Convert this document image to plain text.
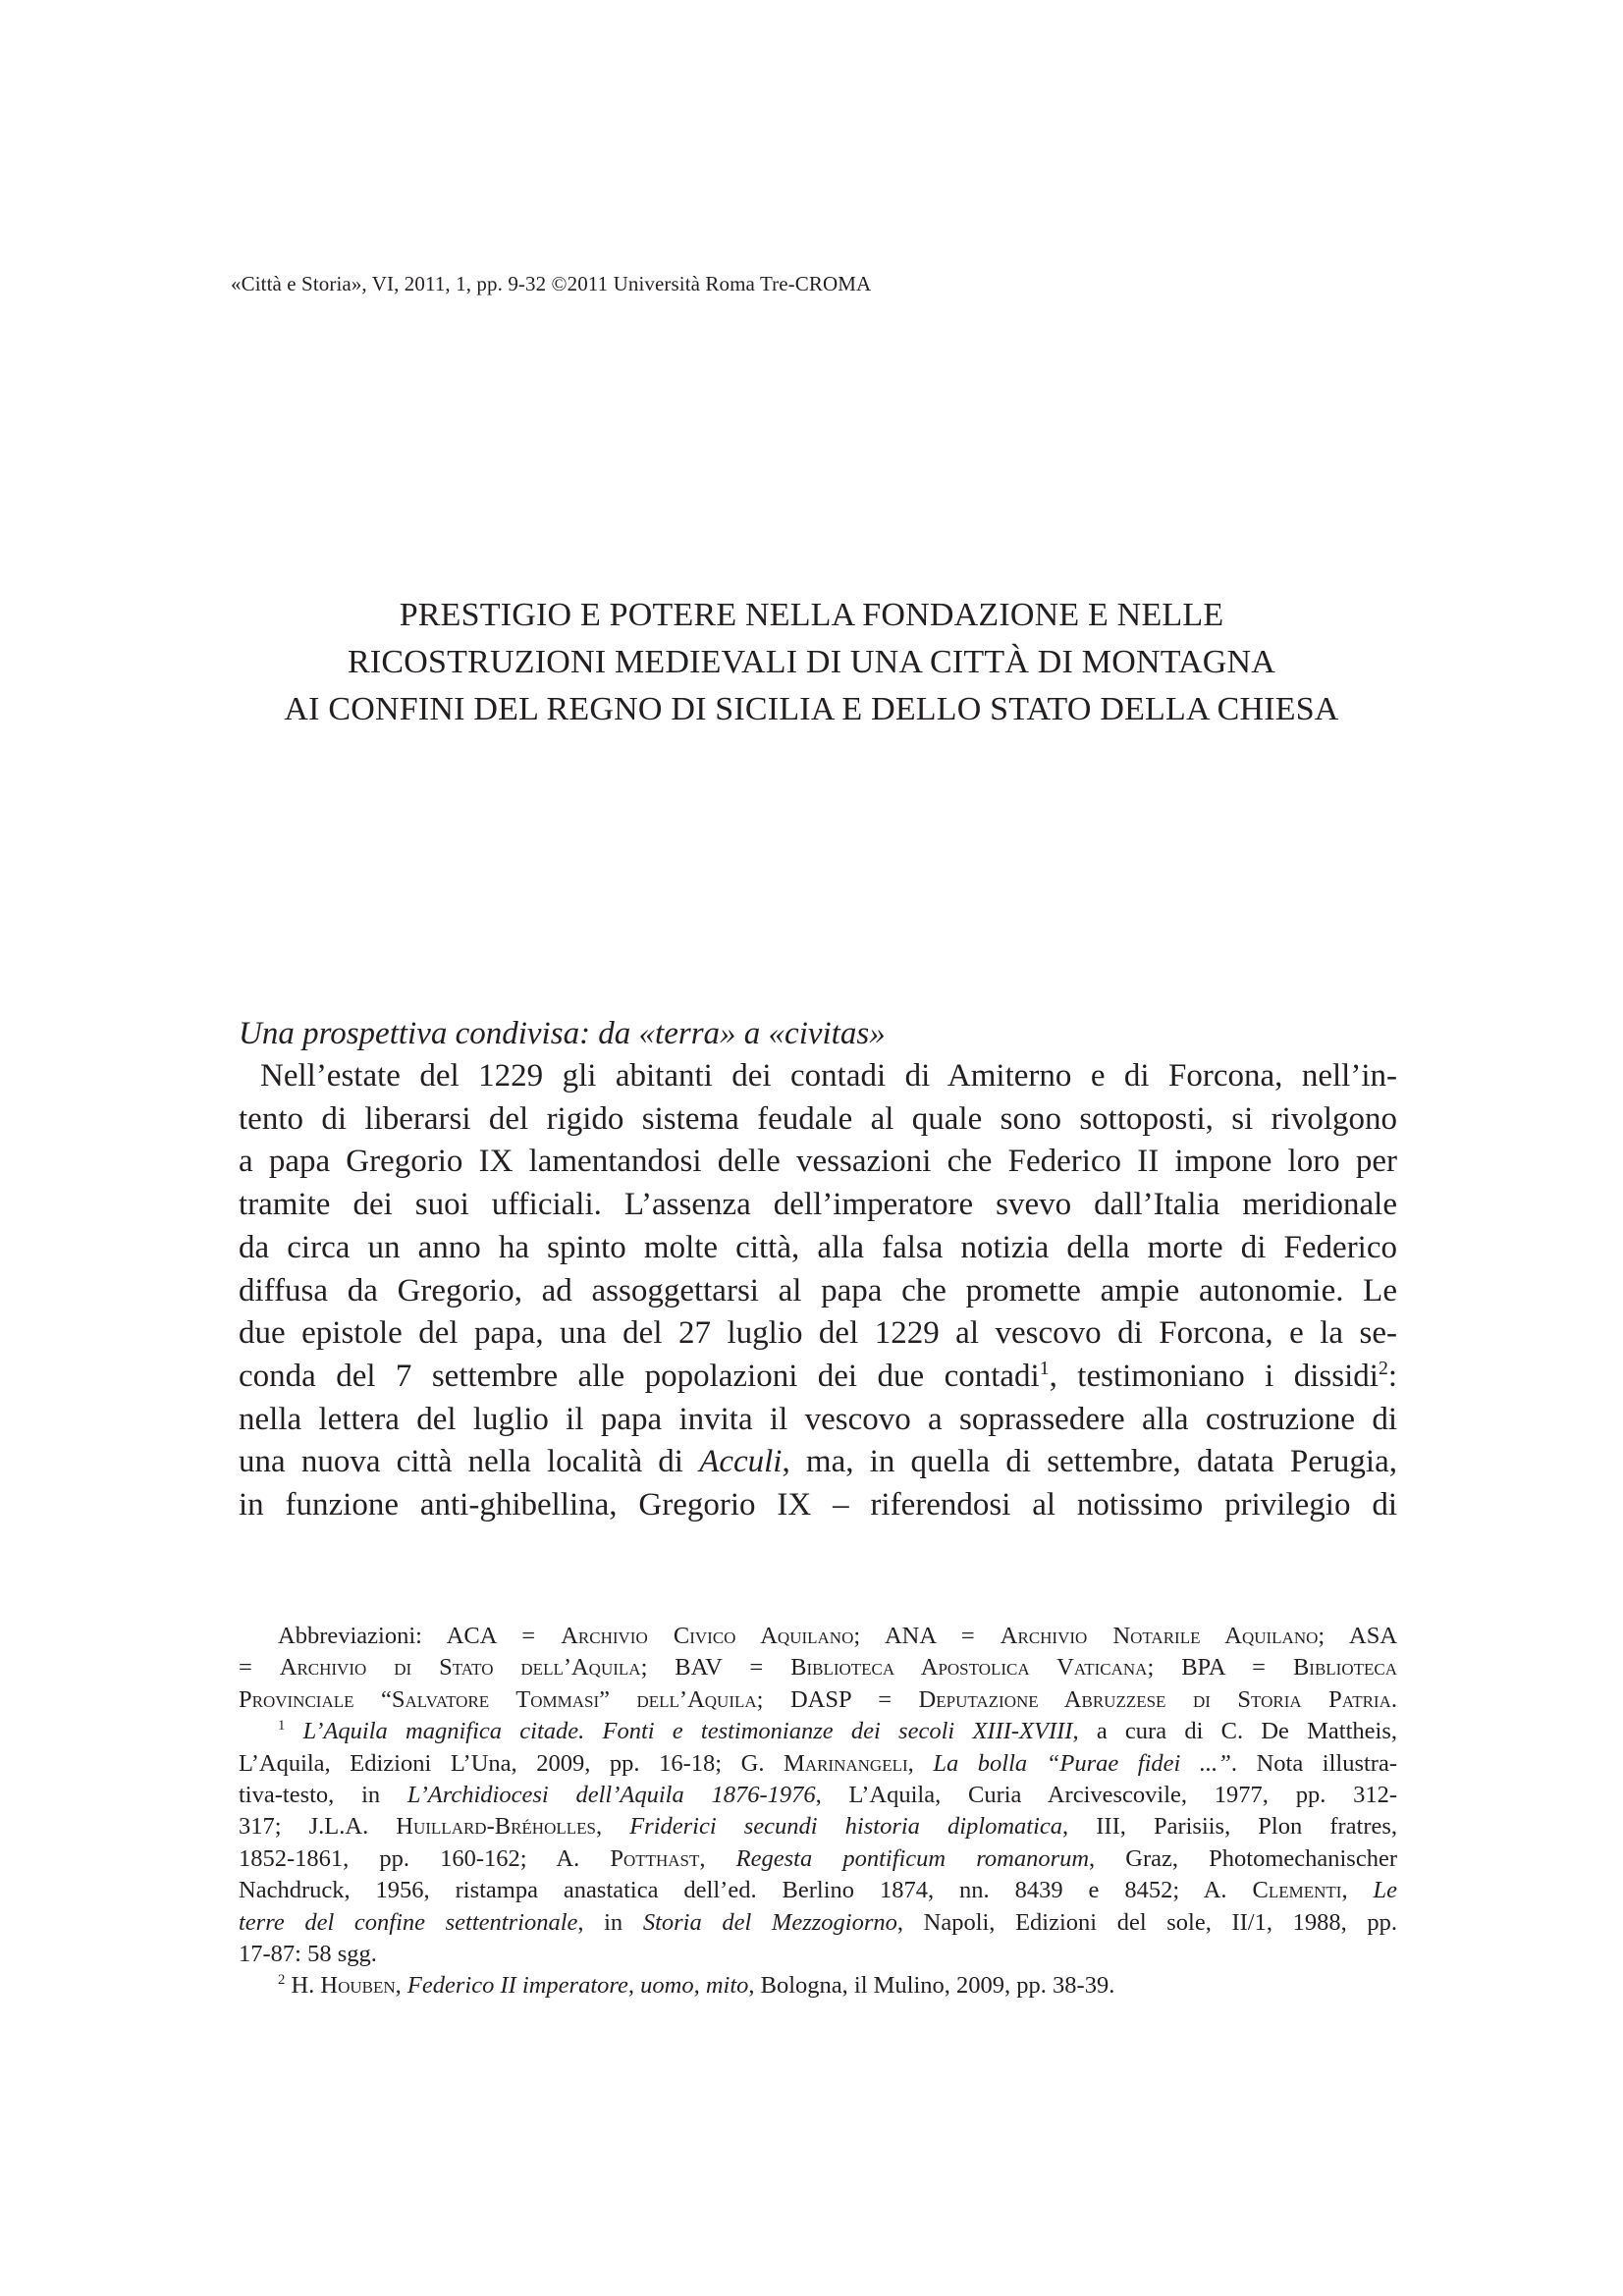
«Città e Storia», VI, 2011, 1, pp. 9-32 ©2011 Università Roma Tre-CROMA
PRESTIGIO E POTERE NELLA FONDAZIONE E NELLE
RICOSTRUZIONI MEDIEVALI DI UNA CITTÀ DI MONTAGNA
AI CONFINI DEL REGNO DI SICILIA E DELLO STATO DELLA CHIESA
Una prospettiva condivisa: da «terra» a «civitas»
Nell’estate del 1229 gli abitanti dei contadi di Amiterno e di Forcona, nell’in-
tento di liberarsi del rigido sistema feudale al quale sono sottoposti, si rivolgono
a papa Gregorio IX lamentandosi delle vessazioni che Federico II impone loro per
tramite dei suoi ufficiali. L’assenza dell’imperatore svevo dall’Italia meridionale
da circa un anno ha spinto molte città, alla falsa notizia della morte di Federico
diffusa da Gregorio, ad assoggettarsi al papa che promette ampie autonomie. Le
due epistole del papa, una del 27 luglio del 1229 al vescovo di Forcona, e la se-
conda del 7 settembre alle popolazioni dei due contadi$^1$, testimoniano i dissidi$^2$:
nella lettera del luglio il papa invita il vescovo a soprassedere alla costruzione di
una nuova città nella località di Acculi, ma, in quella di settembre, datata Perugia,
in funzione anti-ghibellina, Gregorio IX – riferendosi al notissimo privilegio di
Abbreviazioni: ACA = Archivio Civico Aquilano; ANA = Archivio Notarile Aquilano; ASA
= Archivio di Stato dell’Aquila; BAV = Biblioteca Apostolica Vaticana; BPA = Biblioteca
Provinciale “Salvatore Tommasi” dell’Aquila; DASP = Deputazione Abruzzese di Storia Patria.
$^1$ L’Aquila magnifica citade. Fonti e testimonianze dei secoli XIII-XVIII, a cura di C. De Mattheis,
L’Aquila, Edizioni L’Una, 2009, pp. 16-18; G. Marinangeli, La bolla “Purae fidei ...”. Nota illustra-
tiva-testo, in L’Archidiocesi dell’Aquila 1876-1976, L’Aquila, Curia Arcivescovile, 1977, pp. 312-
317; J.L.A. Huillard-Bréholles, Friderici secundi historia diplomatica, III, Parisiis, Plon fratres,
1852-1861, pp. 160-162; A. Potthast, Regesta pontificum romanorum, Graz, Photomechanischer
Nachdruck, 1956, ristampa anastatica dell’ed. Berlino 1874, nn. 8439 e 8452; A. Clementi, Le
terre del confine settentrionale, in Storia del Mezzogiorno, Napoli, Edizioni del sole, II/1, 1988, pp.
17-87: 58 sgg.
$^2$ H. Houben, Federico II imperatore, uomo, mito, Bologna, il Mulino, 2009, pp. 38-39.
